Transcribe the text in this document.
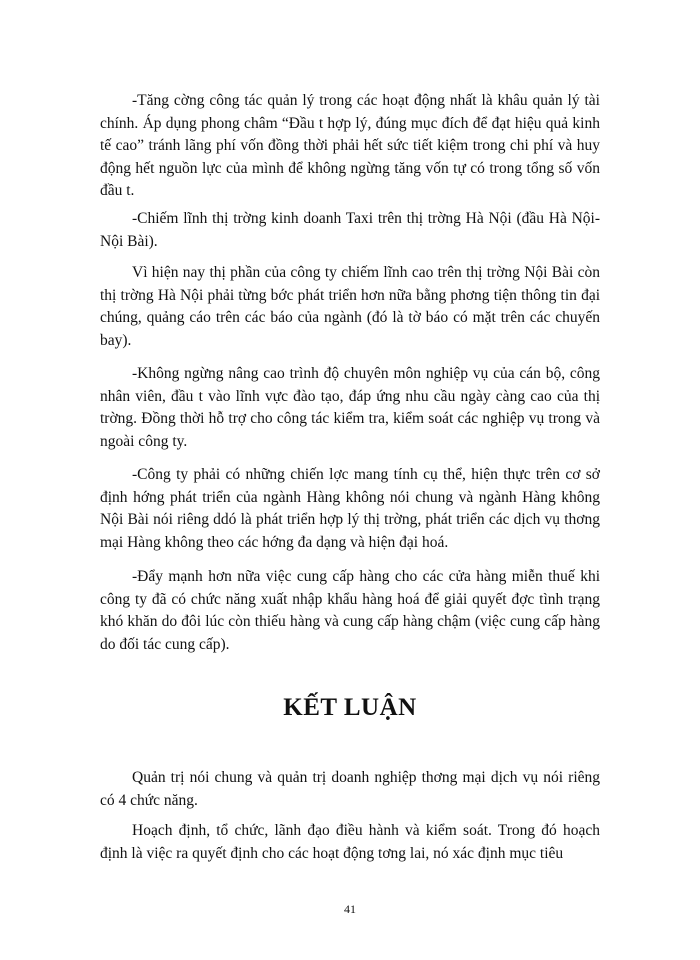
-Tăng cờng công tác quản lý trong các hoạt động nhất là khâu quản lý tài chính. Áp dụng phong châm “Đầu t hợp lý, đúng mục đích để đạt hiệu quả kinh tế cao” tránh lãng phí vốn đồng thời phải hết sức tiết kiệm trong chi phí và huy động hết nguồn lực của mình để không ngừng tăng vốn tự có trong tổng số vốn đầu t.

-Chiếm lĩnh thị trờng kinh doanh Taxi trên thị trờng Hà Nội (đầu Hà Nội- Nội Bài).

Vì hiện nay thị phần của công ty chiếm lĩnh cao trên thị trờng Nội Bài còn thị trờng Hà Nội phải từng bớc phát triển hơn nữa bằng phơng tiện thông tin đại chúng, quảng cáo trên các báo của ngành (đó là tờ báo có mặt trên các chuyến bay).

-Không ngừng nâng cao trình độ chuyên môn nghiệp vụ của cán bộ, công nhân viên, đầu t vào lĩnh vực đào tạo, đáp ứng nhu cầu ngày càng cao của thị trờng. Đồng thời hỗ trợ cho công tác kiểm tra, kiểm soát các nghiệp vụ trong và ngoài công ty.

-Công ty phải có những chiến lợc mang tính cụ thể, hiện thực trên cơ sở định hớng phát triển của ngành Hàng không nói chung và ngành Hàng không Nội Bài nói riêng ddó là phát triển hợp lý thị trờng, phát triển các dịch vụ thơng mại Hàng không theo các hớng đa dạng và hiện đại hoá.

-Đẩy mạnh hơn nữa việc cung cấp hàng cho các cửa hàng miễn thuế khi công ty đã có chức năng xuất nhập khẩu hàng hoá để giải quyết đợc tình trạng khó khăn do đôi lúc còn thiếu hàng và cung cấp hàng chậm (việc cung cấp hàng do đối tác cung cấp).

KẾT LUẬN

Quản trị nói chung và quản trị doanh nghiệp thơng mại dịch vụ nói riêng có 4 chức năng.

Hoạch định, tổ chức, lãnh đạo điều hành và kiểm soát. Trong đó hoạch định là việc ra quyết định cho các hoạt động tơng lai, nó xác định mục tiêu

41
